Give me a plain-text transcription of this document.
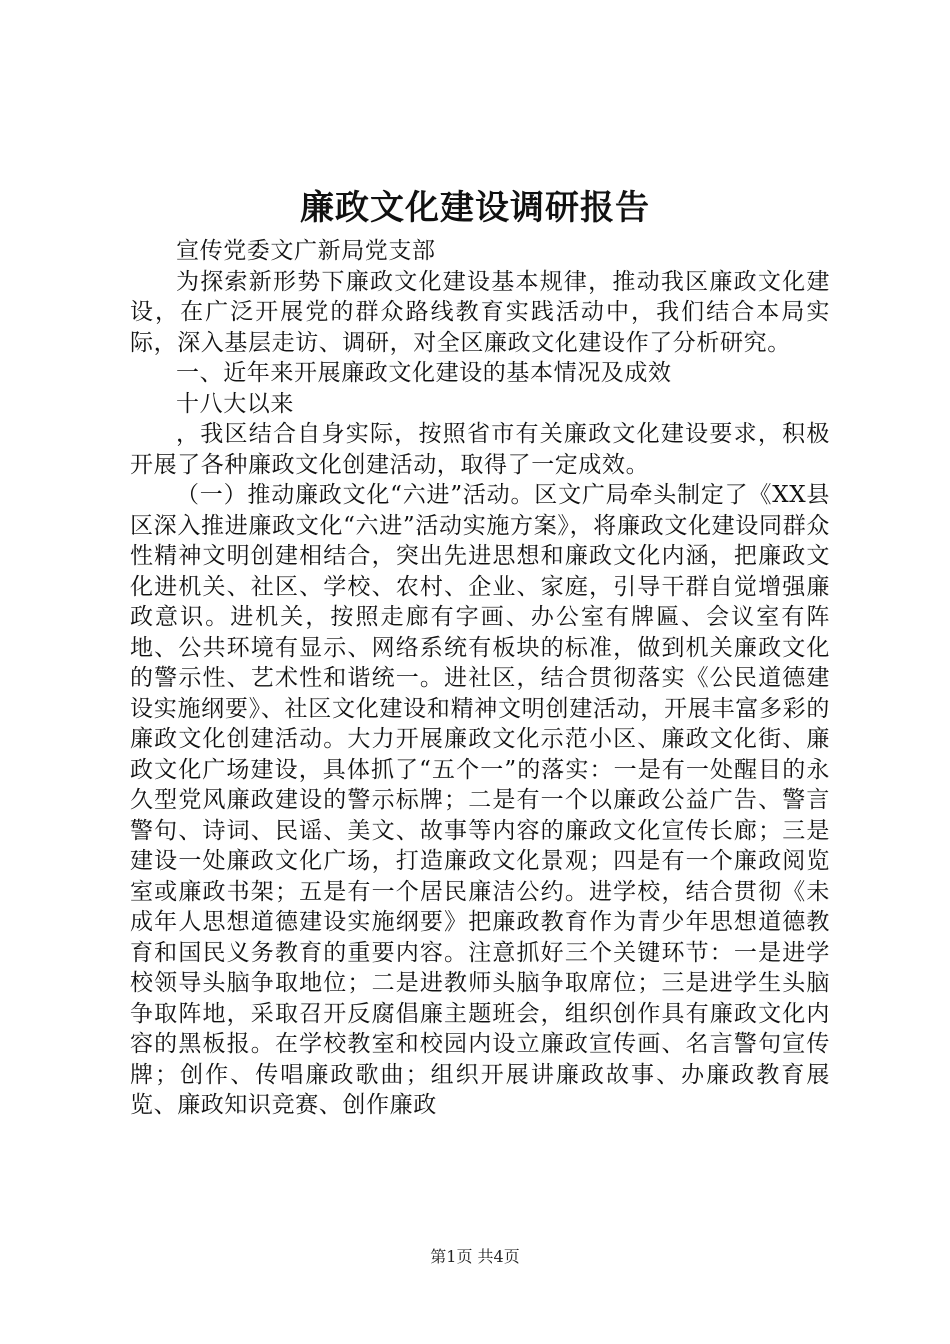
廉政文化建设调研报告

宣传党委文广新局党支部

为探索新形势下廉政文化建设基本规律，推动我区廉政文化建设，在广泛开展党的群众路线教育实践活动中，我们结合本局实际，深入基层走访、调研，对全区廉政文化建设作了分析研究。

一、近年来开展廉政文化建设的基本情况及成效

十八大以来

，我区结合自身实际，按照省市有关廉政文化建设要求，积极开展了各种廉政文化创建活动，取得了一定成效。

（一）推动廉政文化“六进”活动。区文广局牵头制定了《XX县区深入推进廉政文化“六进”活动实施方案》，将廉政文化建设同群众性精神文明创建相结合，突出先进思想和廉政文化内涵，把廉政文化进机关、社区、学校、农村、企业、家庭，引导干群自觉增强廉政意识。进机关，按照走廊有字画、办公室有牌匾、会议室有阵地、公共环境有显示、网络系统有板块的标准，做到机关廉政文化的警示性、艺术性和谐统一。进社区，结合贯彻落实《公民道德建设实施纲要》、社区文化建设和精神文明创建活动，开展丰富多彩的廉政文化创建活动。大力开展廉政文化示范小区、廉政文化街、廉政文化广场建设，具体抓了“五个一”的落实：一是有一处醒目的永久型党风廉政建设的警示标牌；二是有一个以廉政公益广告、警言警句、诗词、民谣、美文、故事等内容的廉政文化宣传长廊；三是建设一处廉政文化广场，打造廉政文化景观；四是有一个廉政阅览室或廉政书架；五是有一个居民廉洁公约。进学校，结合贯彻《未成年人思想道德建设实施纲要》把廉政教育作为青少年思想道德教育和国民义务教育的重要内容。注意抓好三个关键环节：一是进学校领导头脑争取地位；二是进教师头脑争取席位；三是进学生头脑争取阵地，采取召开反腐倡廉主题班会，组织创作具有廉政文化内容的黑板报。在学校教室和校园内设立廉政宣传画、名言警句宣传牌；创作、传唱廉政歌曲；组织开展讲廉政故事、办廉政教育展览、廉政知识竞赛、创作廉政

第1页 共4页
